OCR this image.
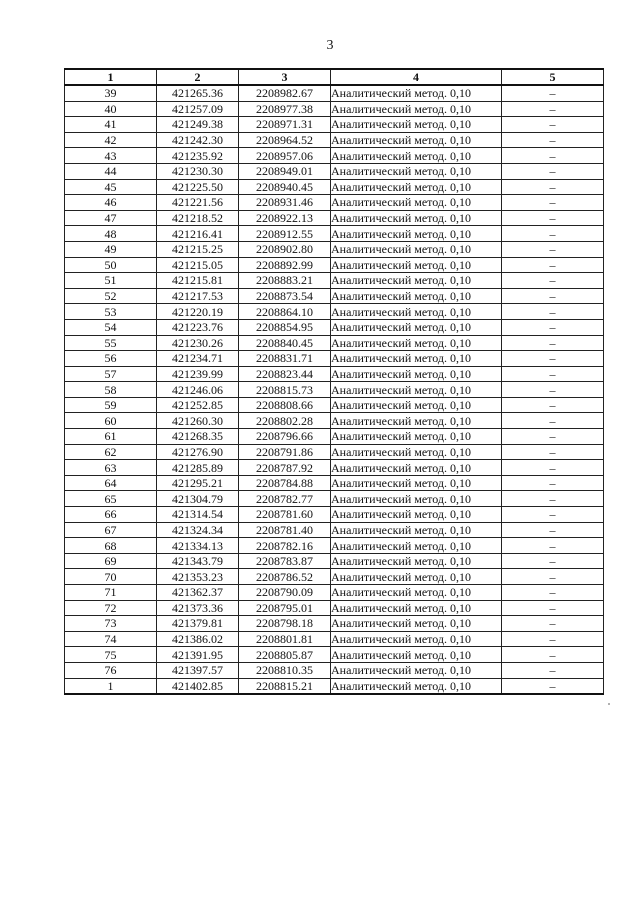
3
1	2	3	4	5
39	421265.36	2208982.67	Аналитический метод. 0,10	–
40	421257.09	2208977.38	Аналитический метод. 0,10	–
41	421249.38	2208971.31	Аналитический метод. 0,10	–
42	421242.30	2208964.52	Аналитический метод. 0,10	–
43	421235.92	2208957.06	Аналитический метод. 0,10	–
44	421230.30	2208949.01	Аналитический метод. 0,10	–
45	421225.50	2208940.45	Аналитический метод. 0,10	–
46	421221.56	2208931.46	Аналитический метод. 0,10	–
47	421218.52	2208922.13	Аналитический метод. 0,10	–
48	421216.41	2208912.55	Аналитический метод. 0,10	–
49	421215.25	2208902.80	Аналитический метод. 0,10	–
50	421215.05	2208892.99	Аналитический метод. 0,10	–
51	421215.81	2208883.21	Аналитический метод. 0,10	–
52	421217.53	2208873.54	Аналитический метод. 0,10	–
53	421220.19	2208864.10	Аналитический метод. 0,10	–
54	421223.76	2208854.95	Аналитический метод. 0,10	–
55	421230.26	2208840.45	Аналитический метод. 0,10	–
56	421234.71	2208831.71	Аналитический метод. 0,10	–
57	421239.99	2208823.44	Аналитический метод. 0,10	–
58	421246.06	2208815.73	Аналитический метод. 0,10	–
59	421252.85	2208808.66	Аналитический метод. 0,10	–
60	421260.30	2208802.28	Аналитический метод. 0,10	–
61	421268.35	2208796.66	Аналитический метод. 0,10	–
62	421276.90	2208791.86	Аналитический метод. 0,10	–
63	421285.89	2208787.92	Аналитический метод. 0,10	–
64	421295.21	2208784.88	Аналитический метод. 0,10	–
65	421304.79	2208782.77	Аналитический метод. 0,10	–
66	421314.54	2208781.60	Аналитический метод. 0,10	–
67	421324.34	2208781.40	Аналитический метод. 0,10	–
68	421334.13	2208782.16	Аналитический метод. 0,10	–
69	421343.79	2208783.87	Аналитический метод. 0,10	–
70	421353.23	2208786.52	Аналитический метод. 0,10	–
71	421362.37	2208790.09	Аналитический метод. 0,10	–
72	421373.36	2208795.01	Аналитический метод. 0,10	–
73	421379.81	2208798.18	Аналитический метод. 0,10	–
74	421386.02	2208801.81	Аналитический метод. 0,10	–
75	421391.95	2208805.87	Аналитический метод. 0,10	–
76	421397.57	2208810.35	Аналитический метод. 0,10	–
1	421402.85	2208815.21	Аналитический метод. 0,10	–
